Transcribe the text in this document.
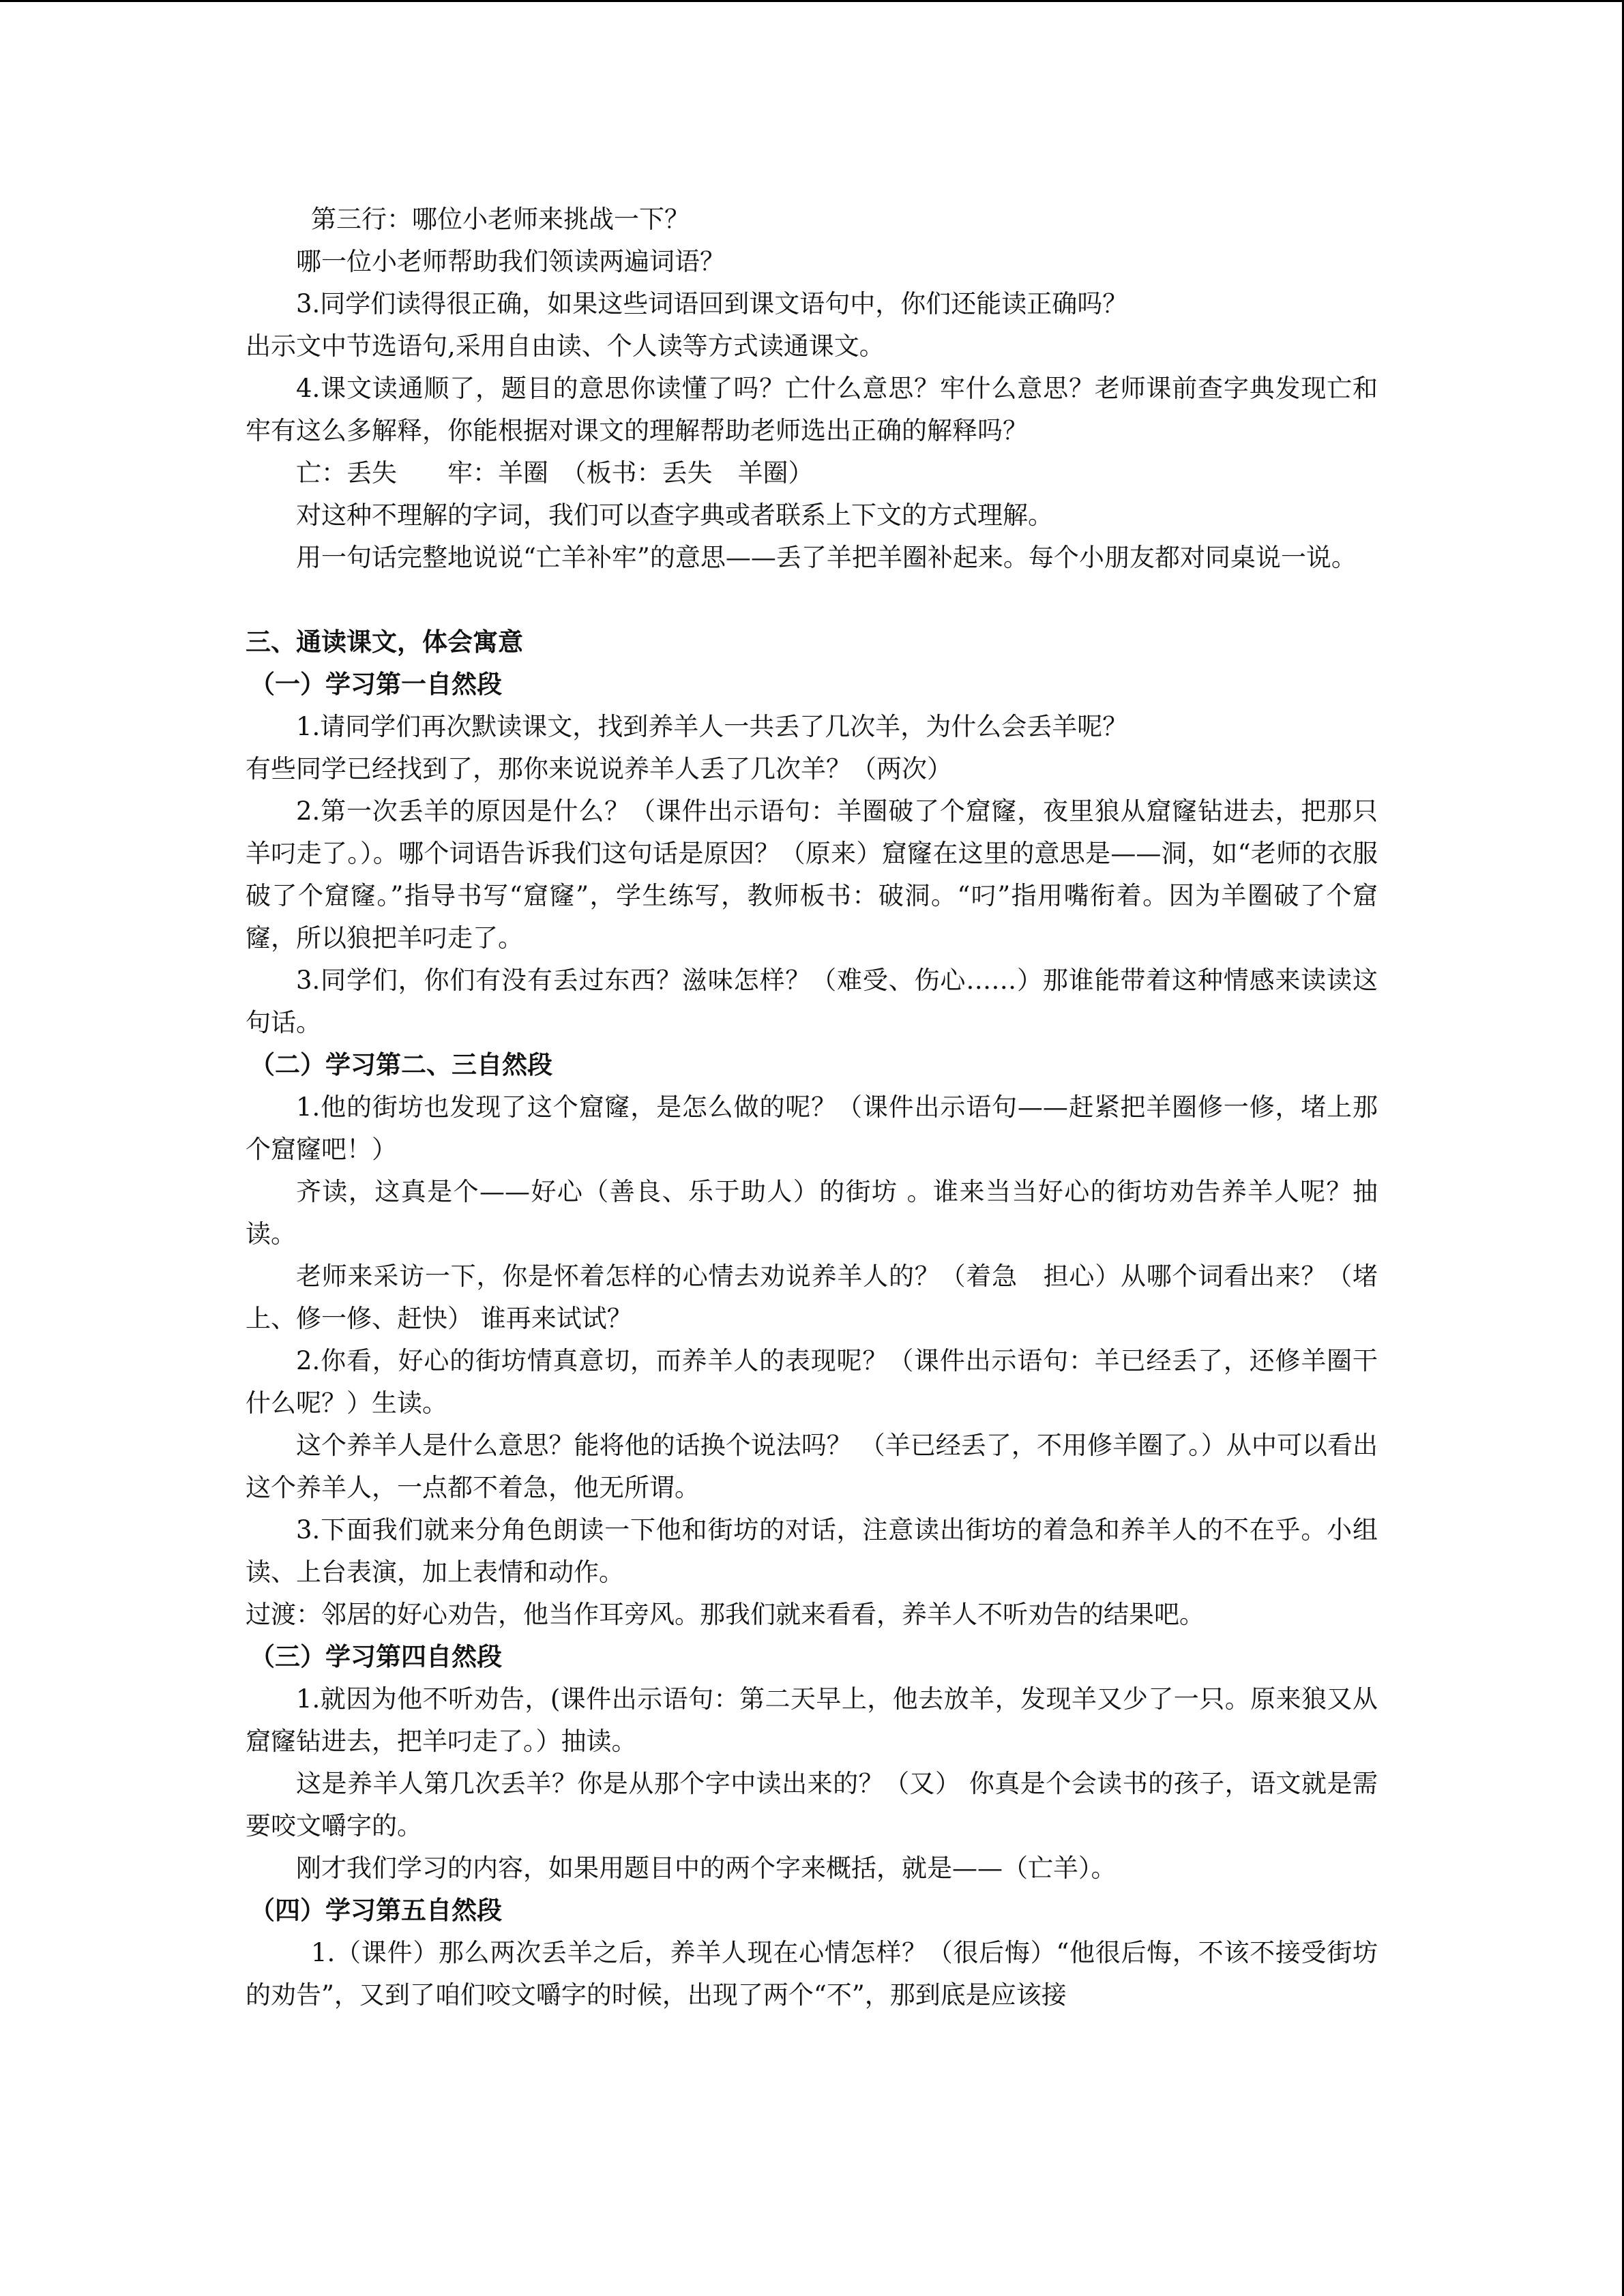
第三行：哪位小老师来挑战一下？

哪一位小老师帮助我们领读两遍词语？

3.同学们读得很正确，如果这些词语回到课文语句中，你们还能读正确吗？

出示文中节选语句,采用自由读、个人读等方式读通课文。

4.课文读通顺了，题目的意思你读懂了吗？亡什么意思？牢什么意思？老师课前查字典发现亡和牢有这么多解释，你能根据对课文的理解帮助老师选出正确的解释吗？

亡：丢失　　牢：羊圈　（板书：丢失　羊圈）

对这种不理解的字词，我们可以查字典或者联系上下文的方式理解。

用一句话完整地说说“亡羊补牢”的意思——丢了羊把羊圈补起来。每个小朋友都对同桌说一说。

三、通读课文，体会寓意
（一）学习第一自然段

1.请同学们再次默读课文，找到养羊人一共丢了几次羊，为什么会丢羊呢？

有些同学已经找到了，那你来说说养羊人丢了几次羊？（两次）

2.第一次丢羊的原因是什么？（课件出示语句：羊圈破了个窟窿，夜里狼从窟窿钻进去，把那只羊叼走了。）。哪个词语告诉我们这句话是原因？（原来）窟窿在这里的意思是——洞，如“老师的衣服破了个窟窿。”指导书写“窟窿”，学生练写，教师板书：破洞。“叼”指用嘴衔着。因为羊圈破了个窟窿，所以狼把羊叼走了。

3.同学们，你们有没有丢过东西？滋味怎样？（难受、伤心……）那谁能带着这种情感来读读这句话。

（二）学习第二、三自然段

1.他的街坊也发现了这个窟窿，是怎么做的呢？（课件出示语句——赶紧把羊圈修一修，堵上那个窟窿吧！）

齐读，这真是个——好心（善良、乐于助人）的街坊 。谁来当当好心的街坊劝告养羊人呢？抽读。

老师来采访一下，你是怀着怎样的心情去劝说养羊人的？（着急　担心）从哪个词看出来？（堵上、修一修、赶快） 谁再来试试？

2.你看，好心的街坊情真意切，而养羊人的表现呢？（课件出示语句：羊已经丢了，还修羊圈干什么呢？）生读。

这个养羊人是什么意思？能将他的话换个说法吗？ （羊已经丢了，不用修羊圈了。）从中可以看出这个养羊人，一点都不着急，他无所谓。

3.下面我们就来分角色朗读一下他和街坊的对话，注意读出街坊的着急和养羊人的不在乎。小组读、上台表演，加上表情和动作。

过渡：邻居的好心劝告，他当作耳旁风。那我们就来看看，养羊人不听劝告的结果吧。

（三）学习第四自然段

1.就因为他不听劝告，(课件出示语句：第二天早上，他去放羊，发现羊又少了一只。原来狼又从窟窿钻进去，把羊叼走了。）抽读。

这是养羊人第几次丢羊？你是从那个字中读出来的？（又） 你真是个会读书的孩子，语文就是需要咬文嚼字的。

刚才我们学习的内容，如果用题目中的两个字来概括，就是——（亡羊）。

（四）学习第五自然段

1.（课件）那么两次丢羊之后，养羊人现在心情怎样？（很后悔）“他很后悔，不该不接受街坊的劝告”，又到了咱们咬文嚼字的时候，出现了两个“不”，那到底是应该接
